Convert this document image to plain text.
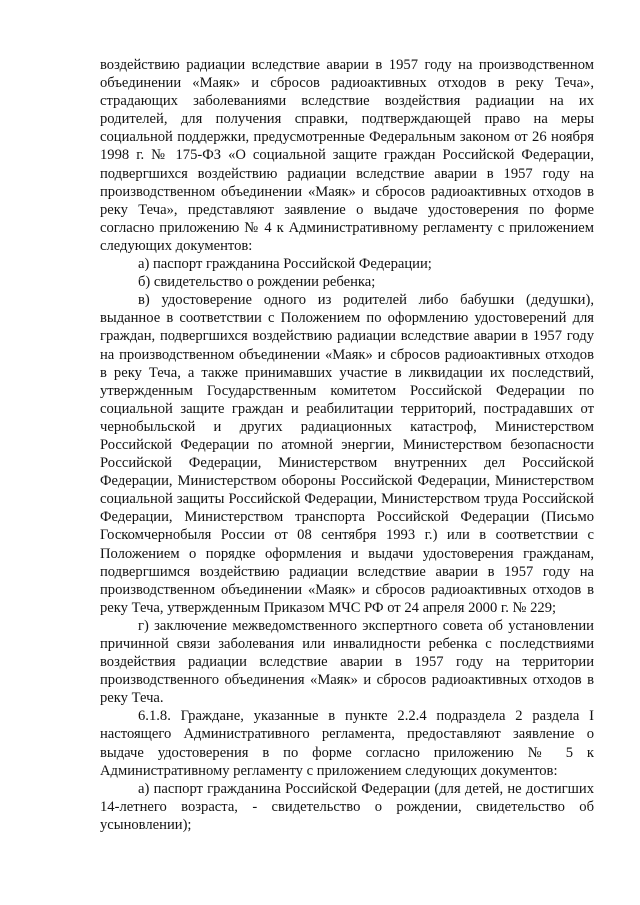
воздействию радиации вследствие аварии в 1957 году на производственном объединении «Маяк» и сбросов радиоактивных отходов в реку Теча», страдающих заболеваниями вследствие воздействия радиации на их родителей, для получения справки, подтверждающей право на меры социальной поддержки, предусмотренные Федеральным законом от 26 ноября 1998 г. № 175-ФЗ «О социальной защите граждан Российской Федерации, подвергшихся воздействию радиации вследствие аварии в 1957 году на производственном объединении «Маяк» и сбросов радиоактивных отходов в реку Теча», представляют заявление о выдаче удостоверения по форме согласно приложению № 4 к Административному регламенту с приложением следующих документов:

а) паспорт гражданина Российской Федерации;

б) свидетельство о рождении ребенка;

в) удостоверение одного из родителей либо бабушки (дедушки), выданное в соответствии с Положением по оформлению удостоверений для граждан, подвергшихся воздействию радиации вследствие аварии в 1957 году на производственном объединении «Маяк» и сбросов радиоактивных отходов в реку Теча, а также принимавших участие в ликвидации их последствий, утвержденным Государственным комитетом Российской Федерации по социальной защите граждан и реабилитации территорий, пострадавших от чернобыльской и других радиационных катастроф, Министерством Российской Федерации по атомной энергии, Министерством безопасности Российской Федерации, Министерством внутренних дел Российской Федерации, Министерством обороны Российской Федерации, Министерством социальной защиты Российской Федерации, Министерством труда Российской Федерации, Министерством транспорта Российской Федерации (Письмо Госкомчернобыля России от 08 сентября 1993 г.) или в соответствии с Положением о порядке оформления и выдачи удостоверения гражданам, подвергшимся воздействию радиации вследствие аварии в 1957 году на производственном объединении «Маяк» и сбросов радиоактивных отходов в реку Теча, утвержденным Приказом МЧС РФ от 24 апреля 2000 г. № 229;

г) заключение межведомственного экспертного совета об установлении причинной связи заболевания или инвалидности ребенка с последствиями воздействия радиации вследствие аварии в 1957 году на территории производственного объединения «Маяк» и сбросов радиоактивных отходов в реку Теча.

6.1.8. Граждане, указанные в пункте 2.2.4 подраздела 2 раздела I настоящего Административного регламента, предоставляют заявление о выдаче удостоверения в по форме согласно приложению № 5 к Административному регламенту с приложением следующих документов:

а) паспорт гражданина Российской Федерации (для детей, не достигших 14-летнего возраста, - свидетельство о рождении, свидетельство об усыновлении);
